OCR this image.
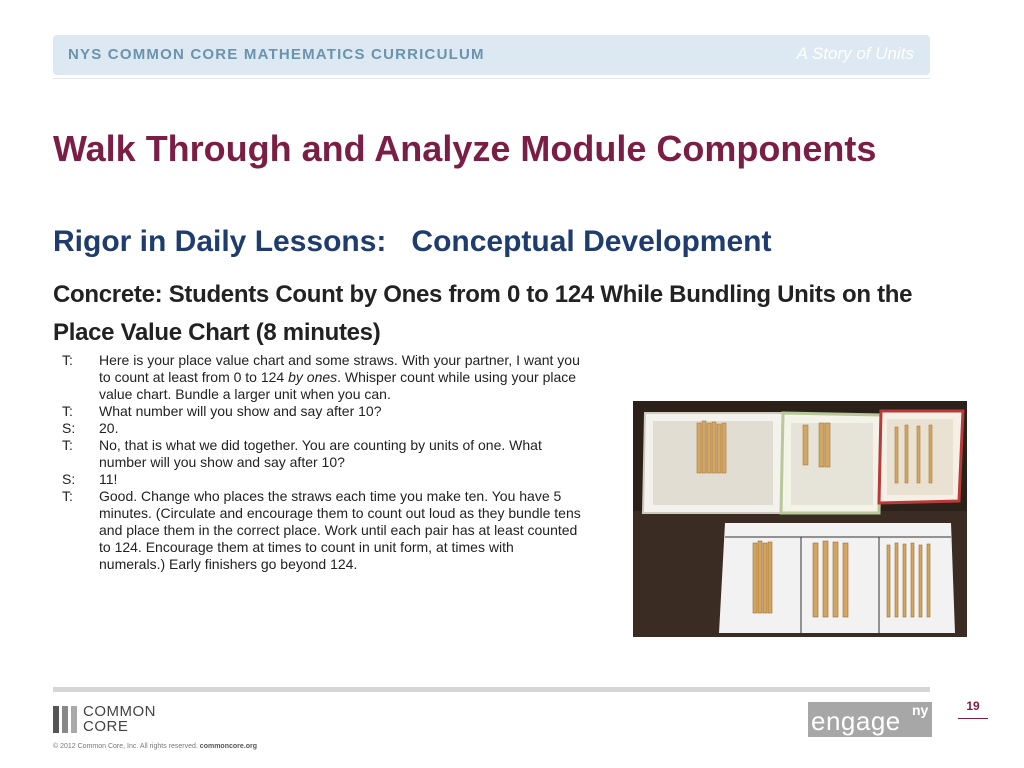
NYS COMMON CORE MATHEMATICS CURRICULUM	A Story of Units
Walk Through and Analyze Module Components
Rigor in Daily Lessons:   Conceptual Development
Concrete: Students Count by Ones from 0 to 124 While Bundling Units on the Place Value Chart (8 minutes)
T:	Here is your place value chart and some straws. With your partner, I want you to count at least from 0 to 124 by ones. Whisper count while using your place value chart. Bundle a larger unit when you can.
T:	What number will you show and say after 10?
S:	20.
T:	No, that is what we did together. You are counting by units of one. What number will you show and say after 10?
S:	11!
T:	Good. Change who places the straws each time you make ten. You have 5 minutes. (Circulate and encourage them to count out loud as they bundle tens and place them in the correct place. Work until each pair has at least counted to 124. Encourage them at times to count in unit form, at times with numerals.) Early finishers go beyond 124.
19
COMMON
CORE
© 2012 Common Core, Inc. All rights reserved. commoncore.org
engage ny
